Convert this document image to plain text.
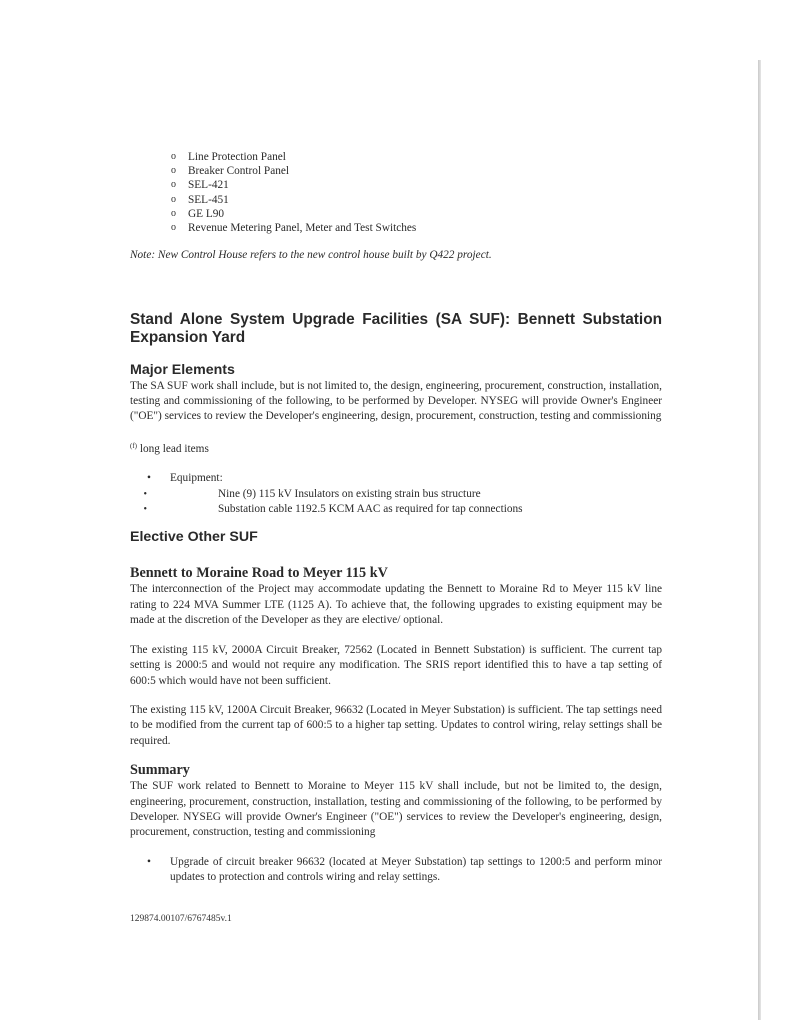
o Line Protection Panel
o Breaker Control Panel
o SEL-421
o SEL-451
o GE L90
o Revenue Metering Panel, Meter and Test Switches

Note: New Control House refers to the new control house built by Q422 project.

Stand Alone System Upgrade Facilities (SA SUF): Bennett Substation Expansion Yard
Major Elements

The SA SUF work shall include, but is not limited to, the design, engineering, procurement, construction, installation, testing and commissioning of the following, to be performed by Developer. NYSEG will provide Owner's Engineer ("OE") services to review the Developer's engineering, design, procurement, construction, testing and commissioning

$^{(f)}$ long lead items

• Equipment:
• Nine (9) 115 kV Insulators on existing strain bus structure
• Substation cable 1192.5 KCM AAC as required for tap connections
Elective Other SUF
Bennett to Moraine Road to Meyer 115 kV

The interconnection of the Project may accommodate updating the Bennett to Moraine Rd to Meyer 115 kV line rating to 224 MVA Summer LTE (1125 A). To achieve that, the following upgrades to existing equipment may be made at the discretion of the Developer as they are elective/ optional.

The existing 115 kV, 2000A Circuit Breaker, 72562 (Located in Bennett Substation) is sufficient. The current tap setting is 2000:5 and would not require any modification. The SRIS report identified this to have a tap setting of 600:5 which would have not been sufficient.

The existing 115 kV, 1200A Circuit Breaker, 96632 (Located in Meyer Substation) is sufficient. The tap settings need to be modified from the current tap of 600:5 to a higher tap setting. Updates to control wiring, relay settings shall be required.

Summary

The SUF work related to Bennett to Moraine to Meyer 115 kV shall include, but not be limited to, the design, engineering, procurement, construction, installation, testing and commissioning of the following, to be performed by Developer. NYSEG will provide Owner's Engineer ("OE") services to review the Developer's engineering, design, procurement, construction, testing and commissioning

• Upgrade of circuit breaker 96632 (located at Meyer Substation) tap settings to 1200:5 and perform minor updates to protection and controls wiring and relay settings.
129874.00107/6767485v.1
